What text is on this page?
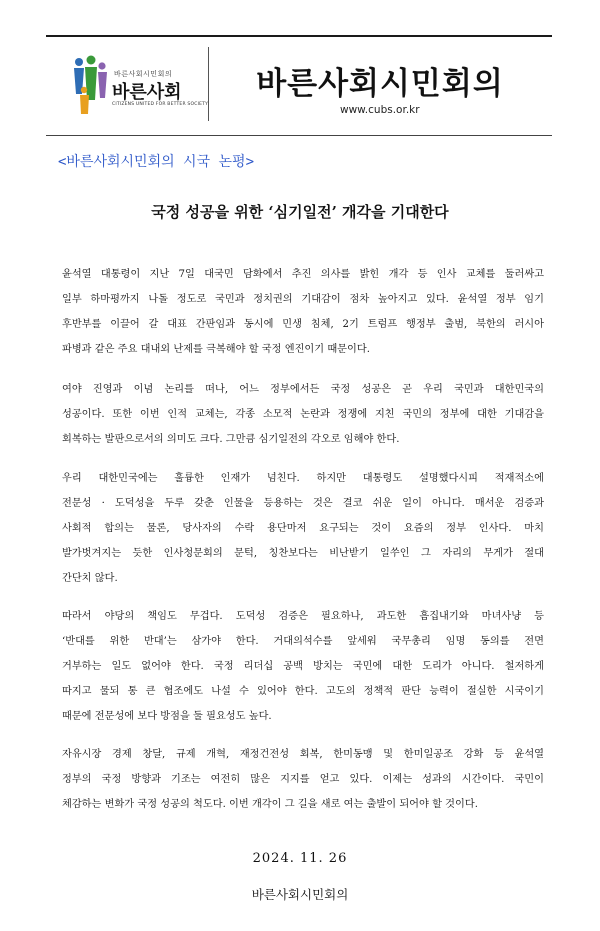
바른사회시민회의
바른사회
CITIZENS UNITED FOR BETTER SOCIETY
바른사회시민회의
www.cubs.or.kr
<바른사회시민회의 시국 논평>
국정 성공을 위한 ‘심기일전’ 개각을 기대한다
윤석열 대통령이 지난 7일 대국민 담화에서 추진 의사를 밝힌 개각 등 인사 교체를 둘러싸고
일부 하마평까지 나돌 정도로 국민과 정치권의 기대감이 점차 높아지고 있다. 윤석열 정부 임기
후반부를 이끌어 갈 대표 간판임과 동시에 민생 침체, 2기 트럼프 행정부 출범, 북한의 러시아
파병과 같은 주요 대내외 난제를 극복해야 할 국정 엔진이기 때문이다.
여야 진영과 이념 논리를 떠나, 어느 정부에서든 국정 성공은 곧 우리 국민과 대한민국의
성공이다. 또한 이번 인적 교체는, 각종 소모적 논란과 정쟁에 지친 국민의 정부에 대한 기대감을
회복하는 발판으로서의 의미도 크다. 그만큼 심기일전의 각오로 임해야 한다.
우리 대한민국에는 훌륭한 인재가 넘친다. 하지만 대통령도 설명했다시피 적재적소에
전문성 · 도덕성을 두루 갖춘 인물을 등용하는 것은 결코 쉬운 일이 아니다. 매서운 검증과
사회적 합의는 물론, 당사자의 수락 용단마저 요구되는 것이 요즘의 정부 인사다. 마치
발가벗겨지는 듯한 인사청문회의 문턱, 칭찬보다는 비난받기 일쑤인 그 자리의 무게가 절대
간단치 않다.
따라서 야당의 책임도 무겁다. 도덕성 검증은 필요하나, 과도한 흠집내기와 마녀사냥 등
‘반대를 위한 반대’는 삼가야 한다. 거대의석수를 앞세워 국무총리 임명 동의를 전면
거부하는 일도 없어야 한다. 국정 리더십 공백 방치는 국민에 대한 도리가 아니다. 철저하게
따지고 물되 통 큰 협조에도 나설 수 있어야 한다. 고도의 정책적 판단 능력이 절실한 시국이기
때문에 전문성에 보다 방점을 둘 필요성도 높다.
자유시장 경제 창달, 규제 개혁, 재정건전성 회복, 한미동맹 및 한미일공조 강화 등 윤석열
정부의 국정 방향과 기조는 여전히 많은 지지를 얻고 있다. 이제는 성과의 시간이다. 국민이
체감하는 변화가 국정 성공의 척도다. 이번 개각이 그 길을 새로 여는 출발이 되어야 할 것이다.
2024. 11. 26
바른사회시민회의
